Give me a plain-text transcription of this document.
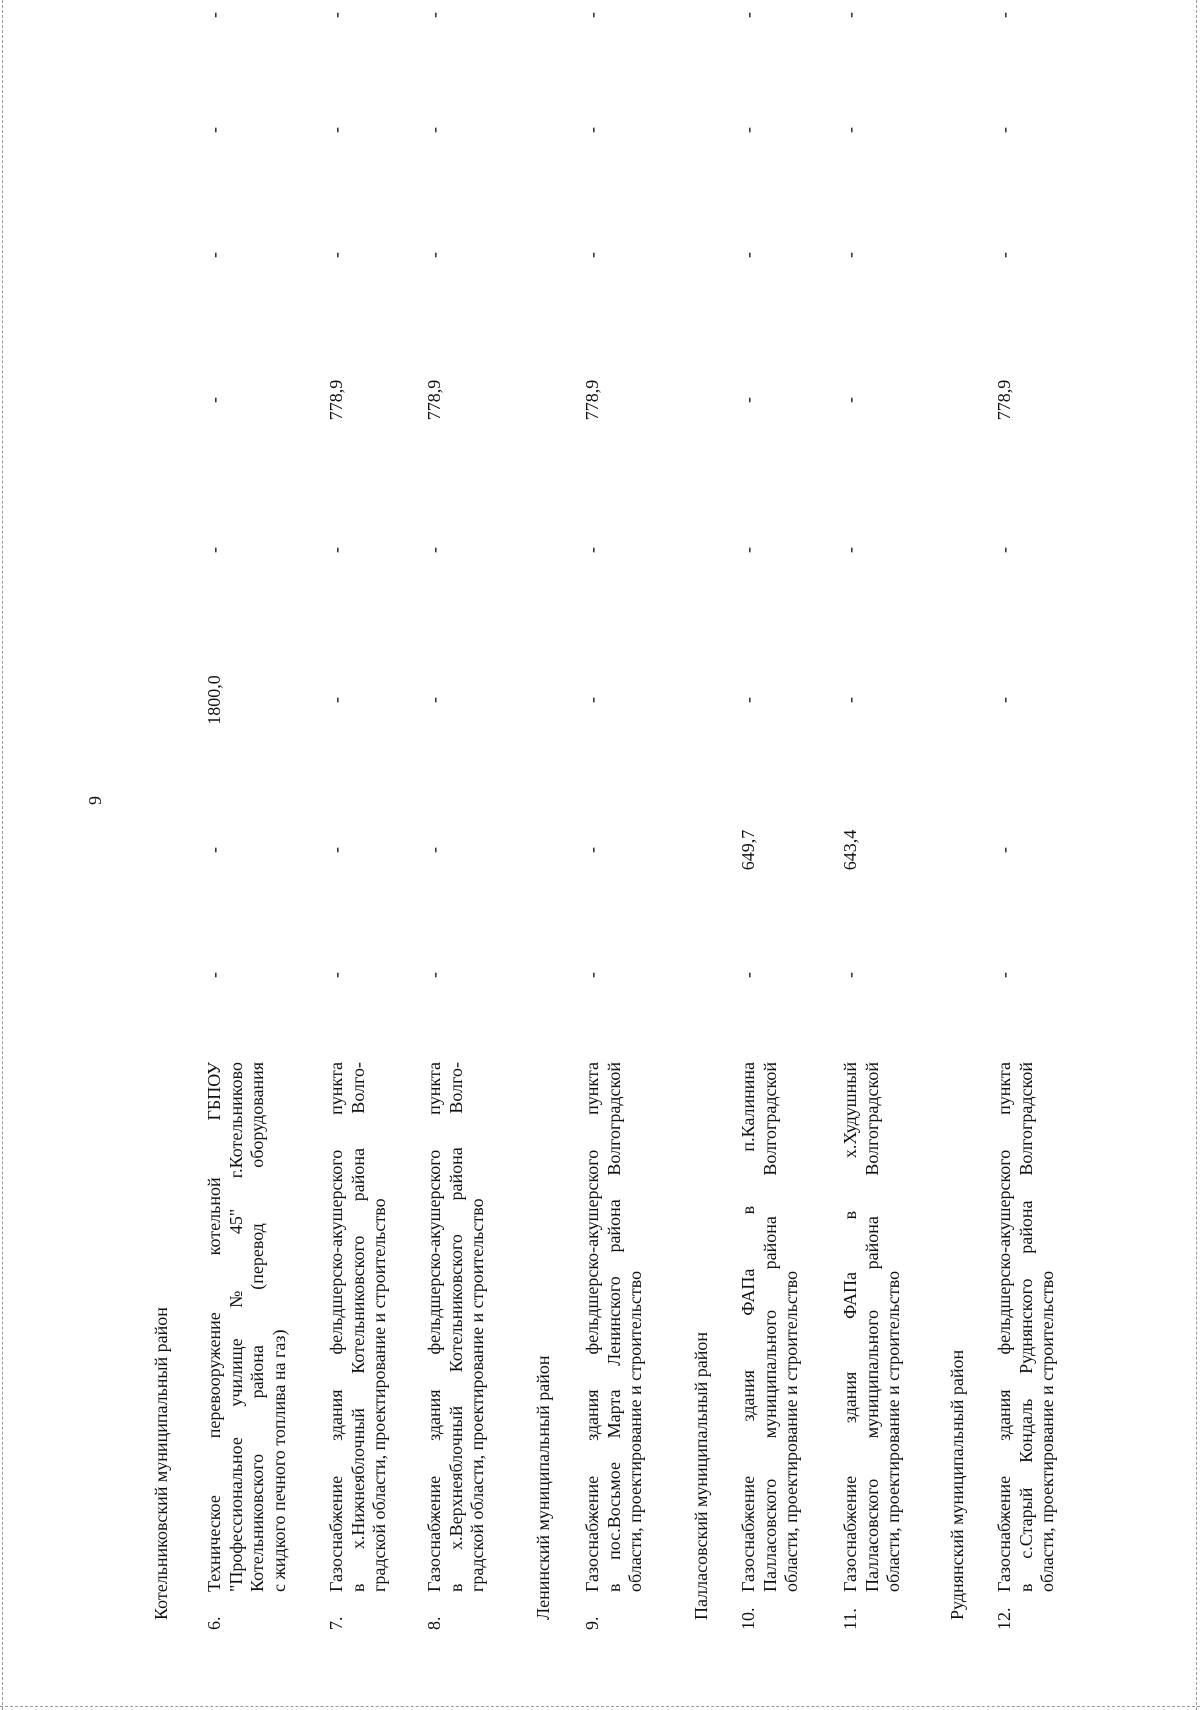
9
Котельниковский муниципальный район
6.
Техническое перевооружение котельной ГБПОУ "Профессиональное училище № 45" г.Котельниково Котельниковского района (перевод оборудования с жидкого печного топлива на газ)
-
-
1800,0
-
-
-
-
-
7.
Газоснабжение здания фельдшерско-акушерского пункта в х.Нижнеяблочный Котельниковского района Волго- градской области, проектирование и строительство
-
-
-
-
778,9
-
-
-
8.
Газоснабжение здания фельдшерско-акушерского пункта в х.Верхнеяблочный Котельниковского района Волго- градской области, проектирование и строительство
-
-
-
-
778,9
-
-
-
Ленинский муниципальный район
9.
Газоснабжение здания фельдшерско-акушерского пункта в пос.Восьмое Марта Ленинского района Волгоградской области, проектирование и строительство
-
-
-
-
778,9
-
-
-
Палласовский муниципальный район 10.
Газоснабжение здания ФАПа в п.Калинина Палласовского муниципального района Волгоградской области, проектирование и строительство
-
649,7
-
-
-
-
-
-
11.
Газоснабжение здания ФАПа в х.Худушный Палласовского муниципального района Волгоградской области, проектирование и строительство
-
643,4
-
-
-
-
-
-
Руднянский муниципальный район 12.
Газоснабжение здания фельдшерско-акушерского пункта в с.Старый Кондаль Руднянского района Волгоградской области, проектирование и строительство
-
-
-
-
778,9
-
-
-
